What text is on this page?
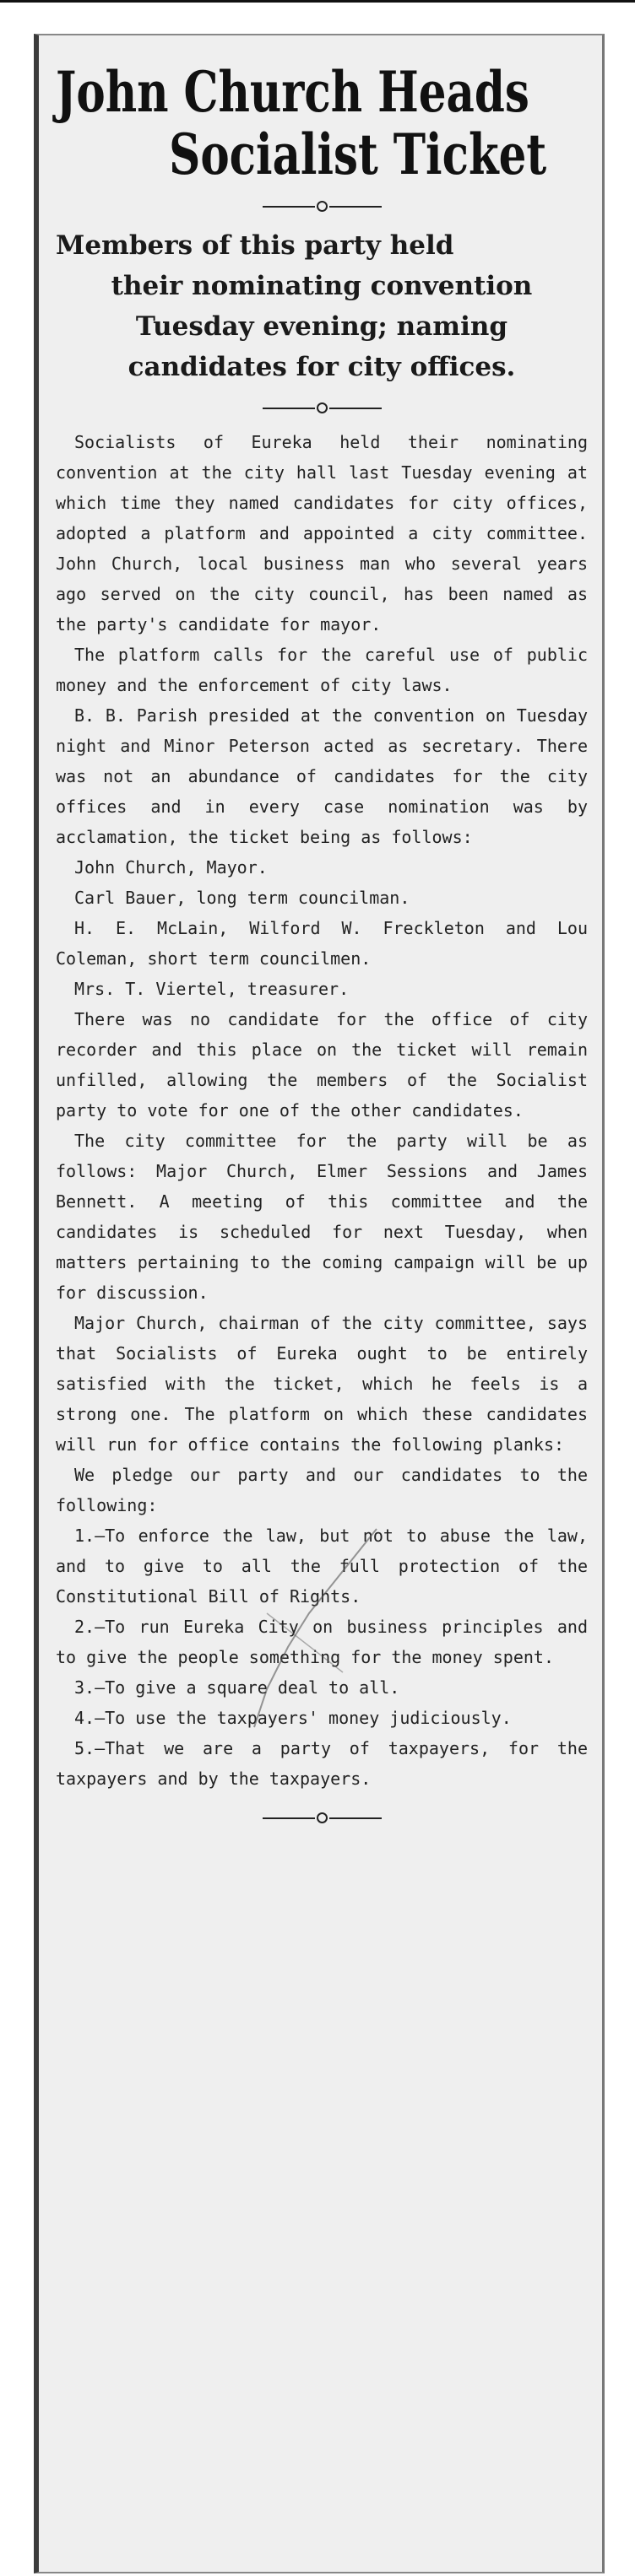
John Church Heads
Socialist Ticket
Members of this party held
their nominating convention Tuesday evening; naming candidates for city offices.

Socialists of Eureka held their nominating convention at the city hall last Tuesday evening at which time they named candidates for city offices, adopted a platform and appointed a city committee. John Church, local business man who several years ago served on the city council, has been named as the party's candidate for mayor.

The platform calls for the careful use of public money and the enforcement of city laws.

B. B. Parish presided at the convention on Tuesday night and Minor Peterson acted as secretary. There was not an abundance of candidates for the city offices and in every case nomination was by acclamation, the ticket being as follows:

John Church, Mayor.

Carl Bauer, long term councilman.

H. E. McLain, Wilford W. Freckleton and Lou Coleman, short term councilmen.

Mrs. T. Viertel, treasurer.

There was no candidate for the office of city recorder and this place on the ticket will remain unfilled, allowing the members of the Socialist party to vote for one of the other candidates.

The city committee for the party will be as follows: Major Church, Elmer Sessions and James Bennett. A meeting of this committee and the candidates is scheduled for next Tuesday, when matters pertaining to the coming campaign will be up for discussion.

Major Church, chairman of the city committee, says that Socialists of Eureka ought to be entirely satisfied with the ticket, which he feels is a strong one. The platform on which these candidates will run for office contains the following planks:

We pledge our party and our candidates to the following:

1.—To enforce the law, but not to abuse the law, and to give to all the full protection of the Constitutional Bill of Rights.

2.—To run Eureka City on business principles and to give the people something for the money spent.

3.—To give a square deal to all.

4.—To use the taxpayers' money judiciously.

5.—That we are a party of taxpayers, for the taxpayers and by the taxpayers.
